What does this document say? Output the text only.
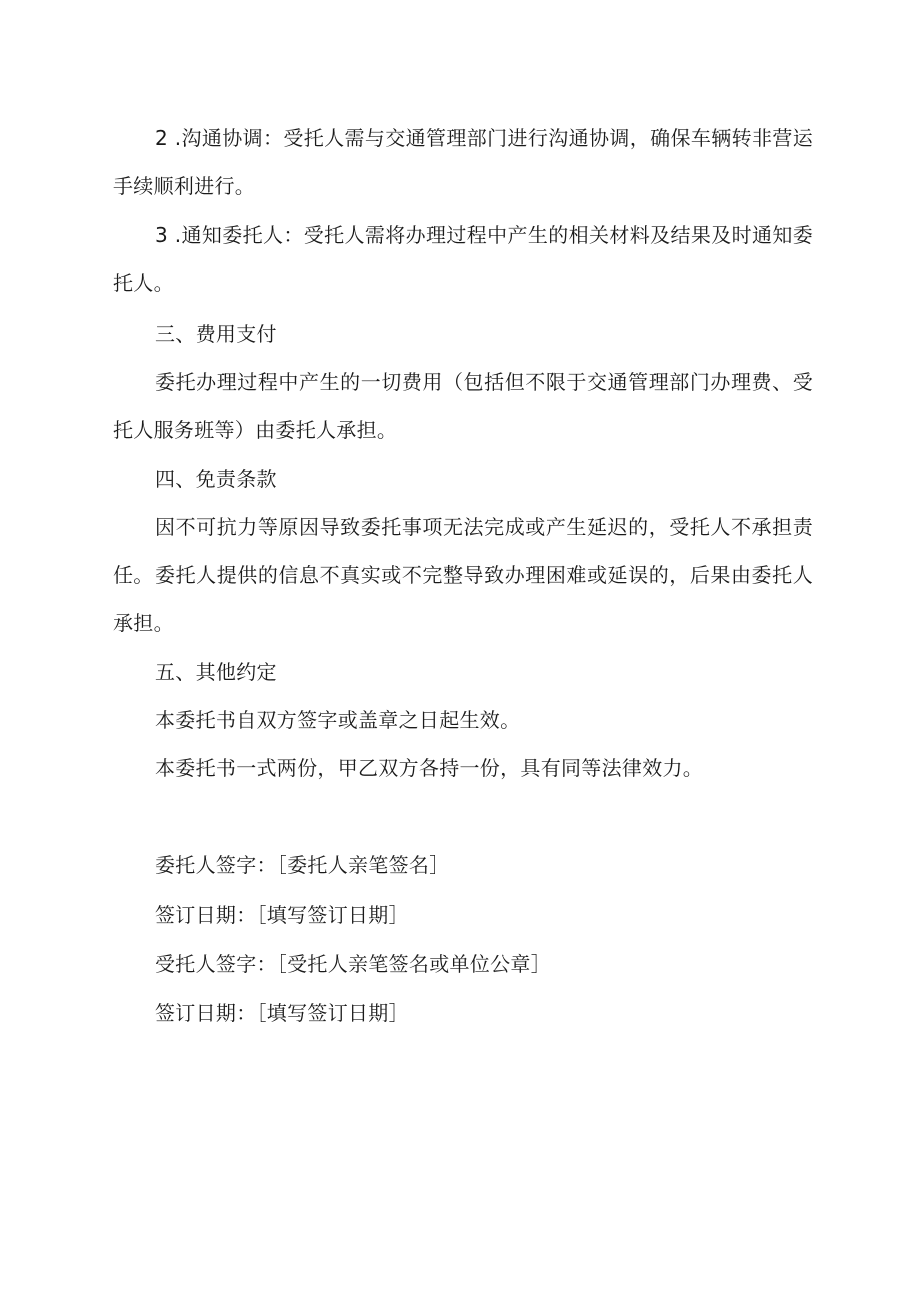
2 .沟通协调：受托人需与交通管理部门进行沟通协调，确保车辆转非营运手续顺利进行。

3 .通知委托人：受托人需将办理过程中产生的相关材料及结果及时通知委托人。

三、费用支付

委托办理过程中产生的一切费用（包括但不限于交通管理部门办理费、受托人服务班等）由委托人承担。

四、免责条款

因不可抗力等原因导致委托事项无法完成或产生延迟的，受托人不承担责任。 委托人提供的信息不真实或不完整导致办理困难或延误的，后果由委托人承担。

五、其他约定

本委托书自双方签字或盖章之日起生效。

本委托书一式两份，甲乙双方各持一份，具有同等法律效力。

委托人签字：［委托人亲笔签名］

签订日期：［填写签订日期］

受托人签字：［受托人亲笔签名或单位公章］

签订日期：［填写签订日期］
